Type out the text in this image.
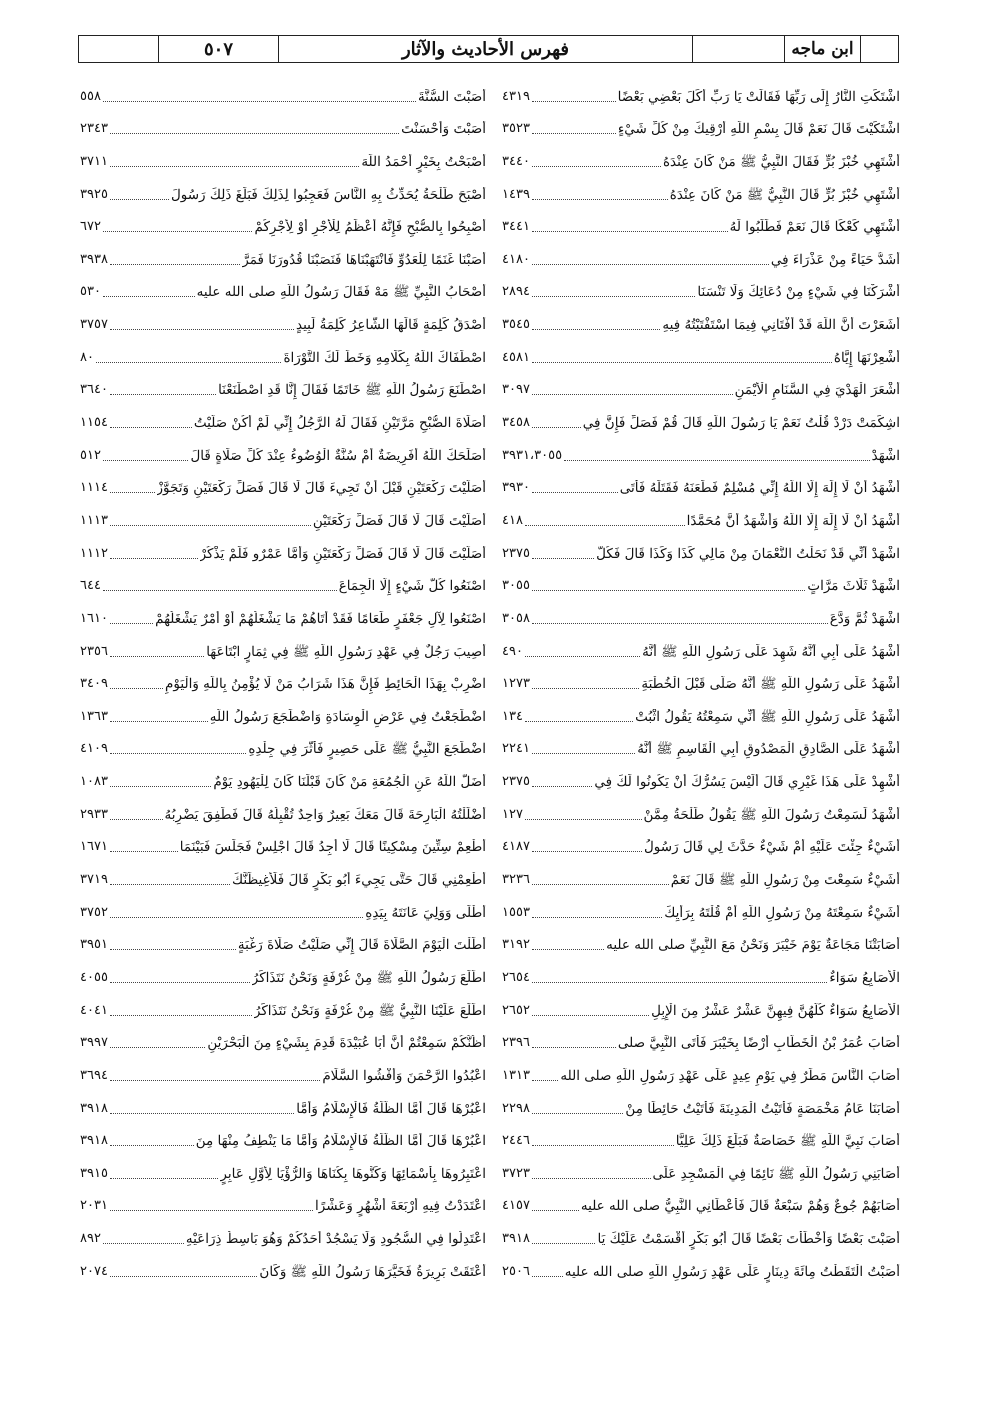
ابن ماجه
فهرس الأحاديث والآثار
٥٠٧
اشْتَكَتِ النَّارُ إِلَى رَبِّهَا فَقَالَتْ يَا رَبِّ أَكَلَ بَعْضِي بَعْضًا
٤٣١٩
اشْتَكَيْتَ قَالَ نَعَمْ قَالَ بِسْمِ اللَّهِ أَرْقِيكَ مِنْ كُلِّ شَيْءٍ
٣٥٢٣
أَشْتَهِي خُبْزَ بُرٍّ فَقَالَ النَّبِيُّ ﷺ مَنْ كَانَ عِنْدَهُ
٣٤٤٠
أَشْتَهِي خُبْزَ بُرٍّ قَالَ النَّبِيُّ ﷺ مَنْ كَانَ عِنْدَهُ
١٤٣٩
أَشْتَهِي كَعْكًا قَالَ نَعَمْ فَطَلَبُوا لَهُ
٣٤٤١
أَشَدُّ حَيَاءً مِنْ عَذْرَاءَ فِي
٤١٨٠
أَشْرَكْنَا فِي شَيْءٍ مِنْ دُعَائِكَ وَلَا تَنْسَنَا
٢٨٩٤
أَشَعَرْتَ أَنَّ اللَّهَ قَدْ أَفْتَانِي فِيمَا اسْتَفْتَيْتُهُ فِيهِ
٣٥٤٥
أَشْعِرْنَهَا إِيَّاهُ
٤٥٨١
أَشْعَرَ الْهَدْيَ فِي السَّنَامِ الْأَيْمَنِ
٣٠٩٧
اشِكَمَتْ دَرْدْ قُلْتُ نَعَمْ يَا رَسُولَ اللَّهِ قَالَ قُمْ فَصَلِّ فَإِنَّ فِي
٣٤٥٨
اشْهَدْ
٣٩٣١،٣٠٥٥
أَشْهَدُ أَنْ لَا إِلَهَ إِلَّا اللَّهُ إِنِّي مُسْلِمٌ فَطَعَنَهُ فَقَتَلَهُ فَأَتَى
٣٩٣٠
أَشْهَدُ أَنْ لَا إِلَهَ إِلَّا اللَّهُ وَأَشْهَدُ أَنَّ مُحَمَّدًا
٤١٨
اشْهَدْ أَنِّي قَدْ نَحَلْتُ النُّعْمَانَ مِنْ مَالِي كَذَا وَكَذَا قَالَ فَكُلَّ
٢٣٧٥
اشْهَدْ ثَلَاثَ مَرَّاتٍ
٣٠٥٥
اشْهَدْ ثُمَّ وَدَّعَ
٣٠٥٨
أَشْهَدُ عَلَى أَبِي أَنَّهُ شَهِدَ عَلَى رَسُولِ اللَّهِ ﷺ أَنَّهُ
٤٩٠
أَشْهَدُ عَلَى رَسُولِ اللَّهِ ﷺ أَنَّهُ صَلَّى قَبْلَ الْخُطْبَةِ
١٢٧٣
أَشْهَدُ عَلَى رَسُولِ اللَّهِ ﷺ أَنِّي سَمِعْتُهُ يَقُولُ اثْبُتْ
١٣٤
أَشْهَدُ عَلَى الصَّادِقِ الْمَصْدُوقِ أَبِي الْقَاسِمِ ﷺ أَنَّهُ
٢٢٤١
أَشْهِدْ عَلَى هَذَا غَيْرِي قَالَ أَلَيْسَ يَسُرُّكَ أَنْ يَكُونُوا لَكَ فِي
٢٣٧٥
أَشْهَدُ لَسَمِعْتُ رَسُولَ اللَّهِ ﷺ يَقُولُ طَلْحَةُ مِمَّنْ
١٢٧
أَشَيْءٌ جِئْتَ عَلَيْهِ أَمْ شَيْءٌ حَدَّثَ لِي قَالَ رَسُولُ
٤١٨٧
أَشَيْءٌ سَمِعْتَ مِنْ رَسُولِ اللَّهِ ﷺ قَالَ نَعَمْ
٣٢٣٦
أَشَيْءٌ سَمِعْتَهُ مِنْ رَسُولِ اللَّهِ أَمْ قُلْتَهُ بِرَأْيِكَ
١٥٥٣
أَصَابَتْنَا مَجَاعَةٌ يَوْمَ خَيْبَرَ وَنَحْنُ مَعَ النَّبِيِّ صلى الله عليه
٣١٩٢
الْأَصَابِعُ سَوَاءٌ
٢٦٥٤
الْأَصَابِعُ سَوَاءٌ كُلُّهُنَّ فِيهِنَّ عَشْرٌ عَشْرٌ مِنَ الْإِبِلِ
٢٦٥٢
أَصَابَ عُمَرُ بْنُ الْخَطَّابِ أَرْضًا بِخَيْبَرَ فَأَتَى النَّبِيَّ صلى
٢٣٩٦
أَصَابَ النَّاسَ مَطَرٌ فِي يَوْمِ عِيدٍ عَلَى عَهْدِ رَسُولِ اللَّهِ صلى الله
١٣١٣
أَصَابَنَا عَامُ مَخْمَصَةٍ فَأَتَيْتُ الْمَدِينَةَ فَأَتَيْتُ حَائِطًا مِنْ
٢٢٩٨
أَصَابَ نَبِيَّ اللَّهِ ﷺ خَصَاصَةٌ فَبَلَغَ ذَلِكَ عَلِيًّا
٢٤٤٦
أَصَابَنِي رَسُولُ اللَّهِ ﷺ نَائِمًا فِي الْمَسْجِدِ عَلَى
٣٧٢٣
أَصَابَهُمْ جُوعٌ وَهُمْ سَبْعَةٌ قَالَ فَأَعْطَانِي النَّبِيُّ صلى الله عليه
٤١٥٧
أَصَبْتَ بَعْضًا وَأَخْطَأْتَ بَعْضًا قَالَ أَبُو بَكْرٍ أَقْسَمْتُ عَلَيْكَ يَا
٣٩١٨
أَصَبْتُ الْتَقَطْتُ مِائَةَ دِينَارٍ عَلَى عَهْدِ رَسُولِ اللَّهِ صلى الله عليه
٢٥٠٦
أَصَبْتَ السُّنَّةَ
٥٥٨
أَصَبْتَ وَأَحْسَنْتَ
٢٣٤٣
أَصْبَحْتُ بِخَيْرٍ أَحْمَدُ اللَّهَ
٣٧١١
أَصْبَحَ طَلْحَةُ يُحَدِّثُ بِهِ النَّاسَ فَعَجِبُوا لِذَلِكَ فَبَلَغَ ذَلِكَ رَسُولَ
٣٩٢٥
أَصْبِحُوا بِالصُّبْحِ فَإِنَّهُ أَعْظَمُ لِلْأَجْرِ أَوْ لِأَجْرِكُمْ
٦٧٢
أَصَبْنَا غَنَمًا لِلْعَدُوِّ فَانْتَهَبْنَاهَا فَنَصَبْنَا قُدُورَنَا فَمَرَّ
٣٩٣٨
أَصْحَابُ النَّبِيِّ ﷺ مَهْ فَقَالَ رَسُولُ اللَّهِ صلى الله عليه
٥٣٠
أَصْدَقُ كَلِمَةٍ قَالَهَا الشَّاعِرُ كَلِمَةُ لَبِيدٍ
٣٧٥٧
اصْطَفَاكَ اللَّهُ بِكَلَامِهِ وَخَطَّ لَكَ التَّوْرَاةَ
٨٠
اصْطَنَعَ رَسُولُ اللَّهِ ﷺ خَاتَمًا فَقَالَ إِنَّا قَدِ اصْطَنَعْنَا
٣٦٤٠
أَصَلَاةَ الصُّبْحِ مَرَّتَيْنِ فَقَالَ لَهُ الرَّجُلُ إِنِّي لَمْ أَكُنْ صَلَّيْتُ
١١٥٤
أَصَلَحَكَ اللَّهُ أَفَرِيضَةٌ أَمْ سُنَّةٌ الْوُضُوءُ عِنْدَ كُلِّ صَلَاةٍ قَالَ
٥١٢
أَصَلَّيْتَ رَكْعَتَيْنِ قَبْلَ أَنْ تَجِيءَ قَالَ لَا قَالَ فَصَلِّ رَكْعَتَيْنِ وَتَجَوَّزْ
١١١٤
أَصَلَّيْتَ قَالَ لَا قَالَ فَصَلِّ رَكْعَتَيْنِ
١١١٣
أَصَلَّيْتَ قَالَ لَا قَالَ فَصَلِّ رَكْعَتَيْنِ وَأَمَّا عَمْرٌو فَلَمْ يَذْكُرْ
١١١٢
اصْنَعُوا كُلَّ شَيْءٍ إِلَّا الْجِمَاعَ
٦٤٤
اصْنَعُوا لِآلِ جَعْفَرٍ طَعَامًا فَقَدْ أَتَاهُمْ مَا يَشْغَلُهُمْ أَوْ أَمْرٌ يَشْغَلُهُمْ
١٦١٠
أُصِيبَ رَجُلٌ فِي عَهْدِ رَسُولِ اللَّهِ ﷺ فِي ثِمَارٍ ابْتَاعَهَا
٢٣٥٦
اضْرِبْ بِهَذَا الْحَائِطِ فَإِنَّ هَذَا شَرَابُ مَنْ لَا يُؤْمِنُ بِاللَّهِ وَالْيَوْمِ
٣٤٠٩
اضْطَجَعْتُ فِي عَرْضِ الْوِسَادَةِ وَاضْطَجَعَ رَسُولُ اللَّهِ
١٣٦٣
اضْطَجَعَ النَّبِيُّ ﷺ عَلَى حَصِيرٍ فَأَثَّرَ فِي جِلْدِهِ
٤١٠٩
أَضَلَّ اللَّهُ عَنِ الْجُمُعَةِ مَنْ كَانَ قَبْلَنَا كَانَ لِلْيَهُودِ يَوْمٌ
١٠٨٣
أَضْلَلْتُهُ الْبَارِحَةَ قَالَ مَعَكَ بَعِيرٌ وَاحِدٌ تُقْبِلُهُ قَالَ فَطَفِقَ يَضْرِبُهُ
٢٩٣٣
أَطْعِمْ سِتِّينَ مِسْكِينًا قَالَ لَا أَجِدُ قَالَ اجْلِسْ فَجَلَسَ فَبَيْنَمَا
١٦٧١
أَطْعِمْنِي قَالَ حَتَّى يَجِيءَ أَبُو بَكْرٍ قَالَ فَلَأُغِيظَنَّكَ
٣٧١٩
أَطْلَى وَوَلِيَ عَانَتَهُ بِيَدِهِ
٣٧٥٢
أَطَلْتَ الْيَوْمَ الصَّلَاةَ قَالَ إِنِّي صَلَّيْتُ صَلَاةَ رَغْبَةٍ
٣٩٥١
اطَّلَعَ رَسُولُ اللَّهِ ﷺ مِنْ غُرْفَةٍ وَنَحْنُ نَتَذَاكَرُ
٤٠٥٥
اطَّلَعَ عَلَيْنَا النَّبِيُّ ﷺ مِنْ غُرْفَةٍ وَنَحْنُ نَتَذَاكَرُ
٤٠٤١
أَظُنُّكُمْ سَمِعْتُمْ أَنَّ أَبَا عُبَيْدَةَ قَدِمَ بِشَيْءٍ مِنَ الْبَحْرَيْنِ
٣٩٩٧
اعْبُدُوا الرَّحْمَنَ وَأَفْشُوا السَّلَامَ
٣٦٩٤
اعْبُرْهَا قَالَ أَمَّا الظُّلَّةُ فَالْإِسْلَامُ وَأَمَّا
٣٩١٨
اعْبُرْهَا قَالَ أَمَّا الظُّلَّةُ فَالْإِسْلَامُ وَأَمَّا مَا يَنْطِفُ مِنْهَا مِنَ
٣٩١٨
اعْتَبِرُوهَا بِأَسْمَائِهَا وَكَنُّوهَا بِكُنَاهَا وَالرُّؤْيَا لِأَوَّلِ عَابِرٍ
٣٩١٥
اعْتَدَدْتُ فِيهِ أَرْبَعَةَ أَشْهُرٍ وَعَشْرًا
٢٠٣١
اعْتَدِلُوا فِي السُّجُودِ وَلَا يَسْجُدْ أَحَدُكُمْ وَهُوَ بَاسِطٌ ذِرَاعَيْهِ
٨٩٢
أَعْتَقَتْ بَرِيرَةُ فَخَيَّرَهَا رَسُولُ اللَّهِ ﷺ وَكَانَ
٢٠٧٤
